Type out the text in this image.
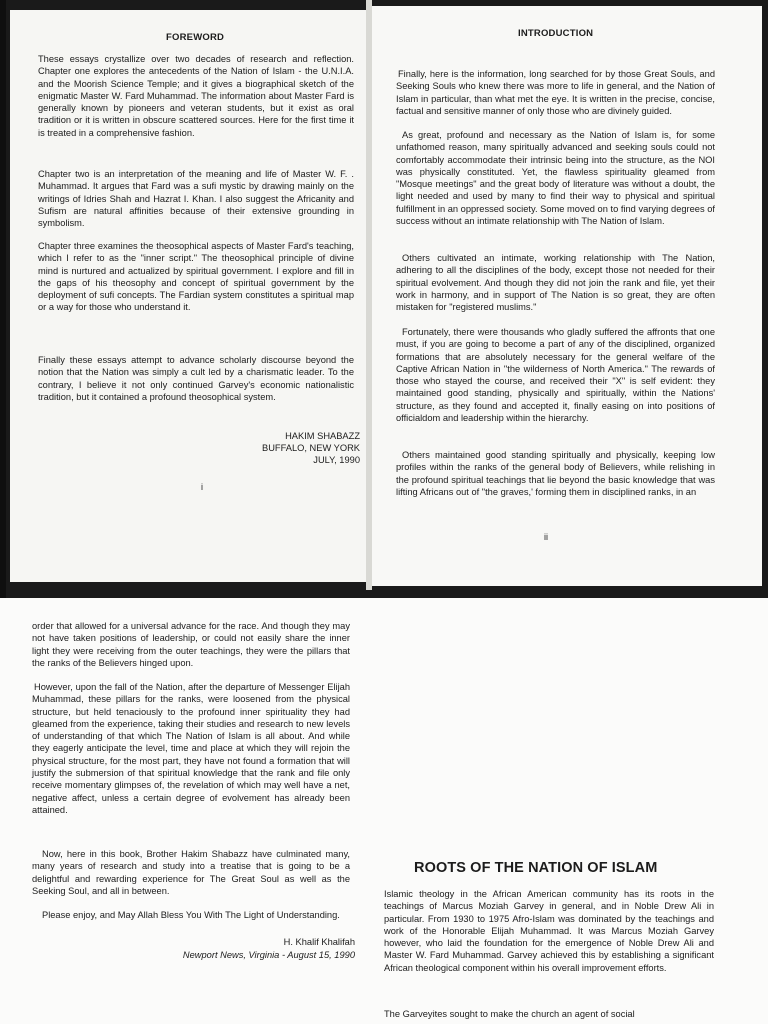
FOREWORD

These essays crystallize over two decades of research and reflection. Chapter one explores the antecedents of the Nation of Islam - the U.N.I.A. and the Moorish Science Temple; and it gives a biographical sketch of the enigmatic Master W. Fard Muhammad. The information about Master Fard is generally known by pioneers and veteran students, but it exist as oral tradition or it is written in obscure scattered sources. Here for the first time it is treated in a comprehensive fashion.

Chapter two is an interpretation of the meaning and life of Master W. F. . Muhammad. It argues that Fard was a sufi mystic by drawing mainly on the writings of Idries Shah and Hazrat I. Khan. I also suggest the Africanity and Sufism are natural affinities because of their extensive grounding in symbolism.

Chapter three examines the theosophical aspects of Master Fard's teaching, which I refer to as the "inner script." The theosophical principle of divine mind is nurtured and actualized by spiritual government. I explore and fill in the gaps of his theosophy and concept of spiritual government by the deployment of sufi concepts. The Fardian system constitutes a spiritual map or a way for those who understand it.

Finally these essays attempt to advance scholarly discourse beyond the notion that the Nation was simply a cult led by a charismatic leader. To the contrary, I believe it not only continued Garvey's economic nationalistic tradition, but it contained a profound theosophical system.

HAKIM SHABAZZ
BUFFALO, NEW YORK
JULY, 1990

i

INTRODUCTION

Finally, here is the information, long searched for by those Great Souls, and Seeking Souls who knew there was more to life in general, and the Nation of Islam in particular, than what met the eye. It is written in the precise, concise, factual and sensitive manner of only those who are divinely guided.

As great, profound and necessary as the Nation of Islam is, for some unfathomed reason, many spiritually advanced and seeking souls could not comfortably accommodate their intrinsic being into the structure, as the NOI was physically constituted. Yet, the flawless spirituality gleamed from "Mosque meetings" and the great body of literature was without a doubt, the light needed and used by many to find their way to physical and spiritual fulfillment in an oppressed society. Some moved on to find varying degrees of success without an intimate relationship with The Nation of Islam.

Others cultivated an intimate, working relationship with The Nation, adhering to all the disciplines of the body, except those not needed for their spiritual evolvement. And though they did not join the rank and file, yet their work in harmony, and in support of The Nation is so great, they are often mistaken for "registered muslims."

Fortunately, there were thousands who gladly suffered the affronts that one must, if you are going to become a part of any of the disciplined, organized formations that are absolutely necessary for the general welfare of the Captive African Nation in "the wilderness of North America." The rewards of those who stayed the course, and received their "X" is self evident: they maintained good standing, physically and spiritually, within the Nations' structure, as they found and accepted it, finally easing on into positions of officialdom and leadership within the hierarchy.

Others maintained good standing spiritually and physically, keeping low profiles within the ranks of the general body of Believers, while relishing in the profound spiritual teachings that lie beyond the basic knowledge that was lifting Africans out of "the graves,' forming them in disciplined ranks, in an

ii

order that allowed for a universal advance for the race. And though they may not have taken positions of leadership, or could not easily share the inner light they were receiving from the outer teachings, they were the pillars that the ranks of the Believers hinged upon.

However, upon the fall of the Nation, after the departure of Messenger Elijah Muhammad, these pillars for the ranks, were loosened from the physical structure, but held tenaciously to the profound inner spirituality they had gleamed from the experience, taking their studies and research to new levels of understanding of that which The Nation of Islam is all about. And while they eagerly anticipate the level, time and place at which they will rejoin the physical structure, for the most part, they have not found a formation that will justify the submersion of that spiritual knowledge that the rank and file only receive momentary glimpses of, the revelation of which may well have a net, negative affect, unless a certain degree of evolvement has already been attained.

Now, here in this book, Brother Hakim Shabazz have culminated many, many years of research and study into a treatise that is going to be a delightful and rewarding experience for The Great Soul as well as the Seeking Soul, and all in between.

Please enjoy, and May Allah Bless You With The Light of Understanding.

H. Khalif Khalifah

Newport News, Virginia - August 15, 1990

ROOTS OF THE NATION OF ISLAM

Islamic theology in the African American community has its roots in the teachings of Marcus Moziah Garvey in general, and in Noble Drew Ali in particular. From 1930 to 1975 Afro-Islam was dominated by the teachings and work of the Honorable Elijah Muhammad. It was Marcus Moziah Garvey however, who laid the foundation for the emergence of Noble Drew Ali and Master W. Fard Muhammad. Garvey achieved this by establishing a significant African theological component within his overall improvement efforts.

The Garveyites sought to make the church an agent of social
